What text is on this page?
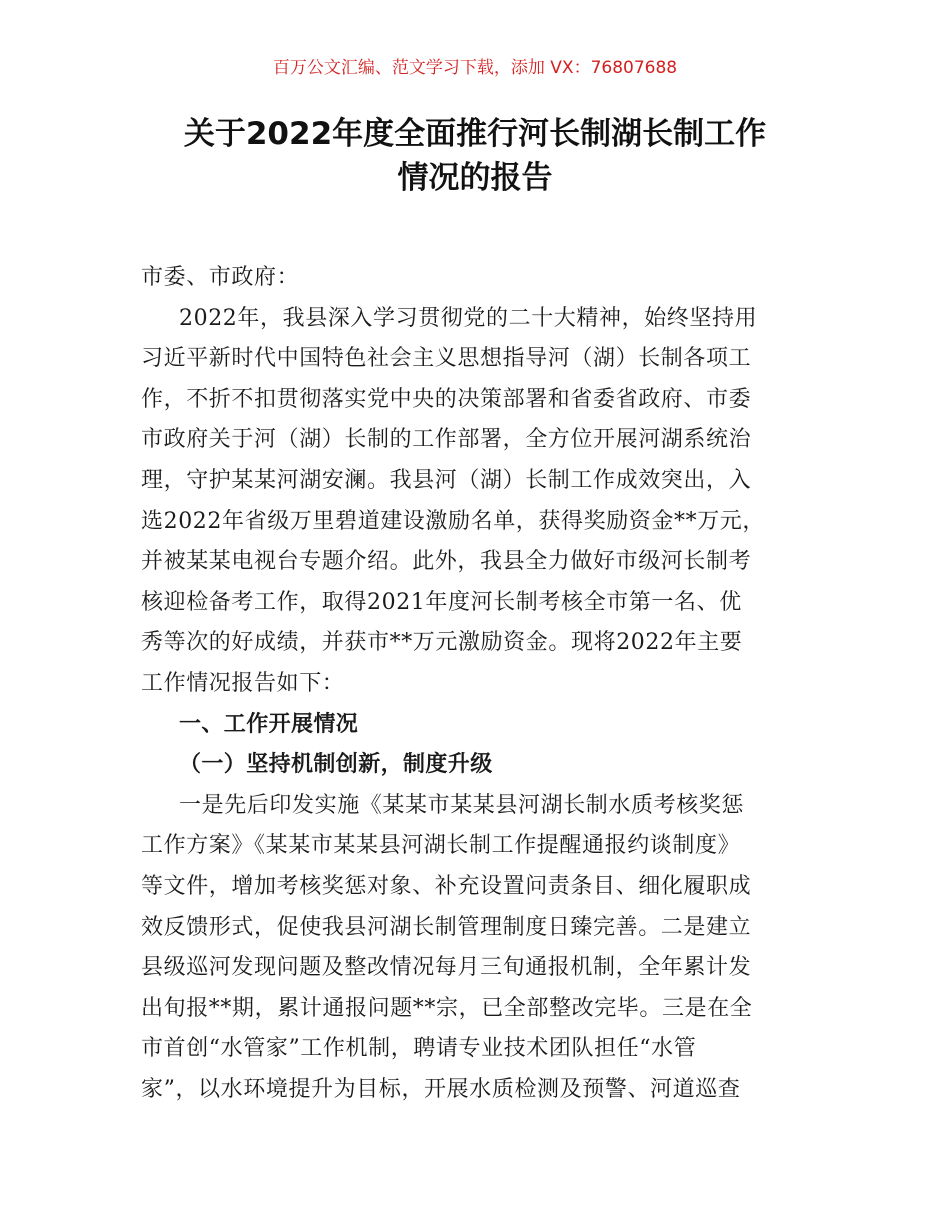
百万公文汇编、范文学习下载，添加 VX：76807688
关于2022年度全面推行河长制湖长制工作
情况的报告
市委、市政府：
2022年，我县深入学习贯彻党的二十大精神，始终坚持用
习近平新时代中国特色社会主义思想指导河（湖）长制各项工
作，不折不扣贯彻落实党中央的决策部署和省委省政府、市委
市政府关于河（湖）长制的工作部署，全方位开展河湖系统治
理，守护某某河湖安澜。我县河（湖）长制工作成效突出，入
选2022年省级万里碧道建设激励名单，获得奖励资金**万元，
并被某某电视台专题介绍。此外，我县全力做好市级河长制考
核迎检备考工作，取得2021年度河长制考核全市第一名、优
秀等次的好成绩，并获市**万元激励资金。现将2022年主要
工作情况报告如下：
一、工作开展情况
（一）坚持机制创新，制度升级
一是先后印发实施《某某市某某县河湖长制水质考核奖惩
工作方案》《某某市某某县河湖长制工作提醒通报约谈制度》
等文件，增加考核奖惩对象、补充设置问责条目、细化履职成
效反馈形式，促使我县河湖长制管理制度日臻完善。二是建立
县级巡河发现问题及整改情况每月三旬通报机制，全年累计发
出旬报**期，累计通报问题**宗，已全部整改完毕。三是在全
市首创“水管家”工作机制，聘请专业技术团队担任“水管
家”，以水环境提升为目标，开展水质检测及预警、河道巡查
